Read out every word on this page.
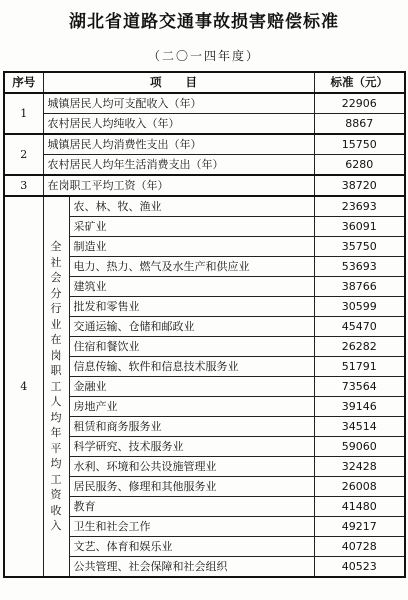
湖北省道路交通事故损害赔偿标准
（二〇一四年度）
序号	项 目		标准（元）
1	城镇居民人均可支配收入（年）		22906
	农村居民人均纯收入（年）		8867
2	城镇居民人均消费性支出（年）		15750
	农村居民人均年生活消费支出（年）		6280
3	在岗职工平均工资（年）		38720
4	全社会分行业在岗职工人均年平均工资收入	农、林、牧、渔业	23693
		采矿业	36091
		制造业	35750
		电力、热力、燃气及水生产和供应业	53693
		建筑业	38766
		批发和零售业	30599
		交通运输、仓储和邮政业	45470
		住宿和餐饮业	26282
		信息传输、软件和信息技术服务业	51791
		金融业	73564
		房地产业	39146
		租赁和商务服务业	34514
		科学研究、技术服务业	59060
		水利、环境和公共设施管理业	32428
		居民服务、修理和其他服务业	26008
		教育	41480
		卫生和社会工作	49217
		文艺、体育和娱乐业	40728
		公共管理、社会保障和社会组织	40523
